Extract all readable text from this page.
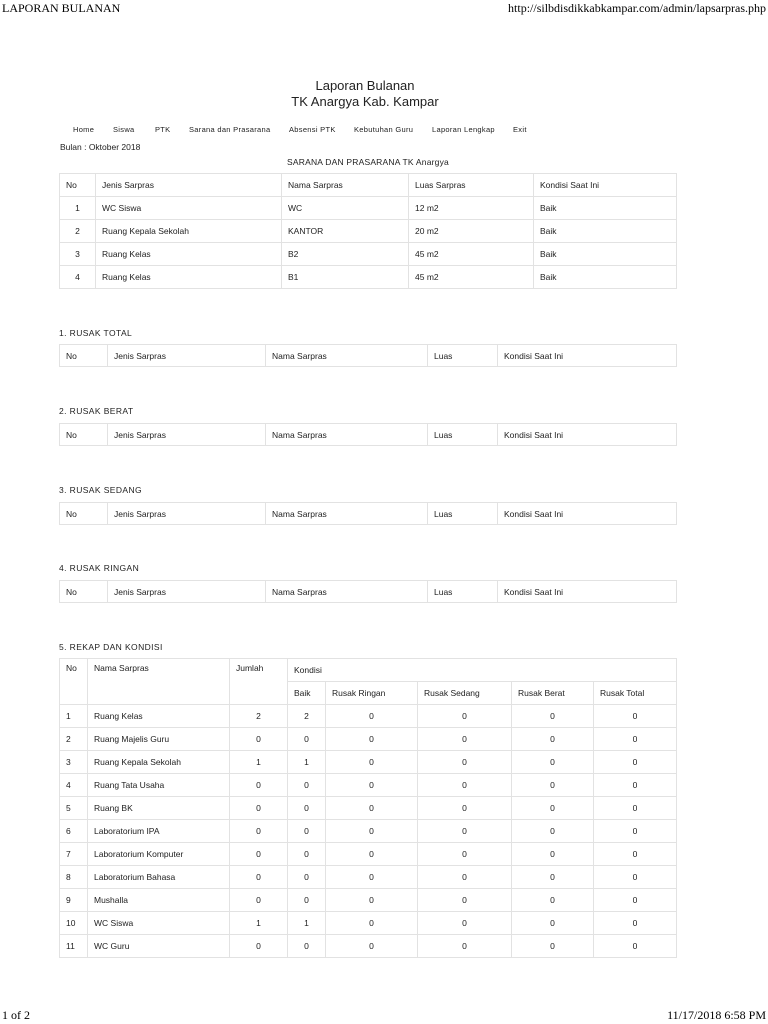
LAPORAN BULANAN	http://silbdisdikkabkampar.com/admin/lapsarpras.php
Laporan Bulanan
TK Anargya Kab. Kampar
Home	Siswa	PTK Sarana dan Prasarana Absensi PTK Kebutuhan Guru	Laporan Lengkap Exit
Bulan : Oktober 2018
SARANA DAN PRASARANA TK Anargya
No	Jenis Sarpras	Nama Sarpras	Luas Sarpras	Kondisi Saat Ini
1	WC Siswa	WC	12 m2	Baik
2	Ruang Kepala Sekolah	KANTOR	20 m2	Baik
3	Ruang Kelas	B2	45 m2	Baik
4	Ruang Kelas	B1	45 m2	Baik
1. RUSAK TOTAL
No	Jenis Sarpras	Nama Sarpras	Luas	Kondisi Saat Ini
2. RUSAK BERAT
No	Jenis Sarpras	Nama Sarpras	Luas	Kondisi Saat Ini
3. RUSAK SEDANG
No	Jenis Sarpras	Nama Sarpras	Luas	Kondisi Saat Ini
4. RUSAK RINGAN
No	Jenis Sarpras	Nama Sarpras	Luas	Kondisi Saat Ini
5. REKAP DAN KONDISI
No	Nama Sarpras	Jumlah	Kondisi				
			Baik	Rusak Ringan	Rusak Sedang	Rusak Berat	Rusak Total
1	Ruang Kelas	2	2	0	0	0	0
2	Ruang Majelis Guru	0	0	0	0	0	0
3	Ruang Kepala Sekolah	1	1	0	0	0	0
4	Ruang Tata Usaha	0	0	0	0	0	0
5	Ruang BK	0	0	0	0	0	0
6	Laboratorium IPA	0	0	0	0	0	0
7	Laboratorium Komputer	0	0	0	0	0	0
8	Laboratorium Bahasa	0	0	0	0	0	0
9	Mushalla	0	0	0	0	0	0
10	WC Siswa	1	1	0	0	0	0
11	WC Guru	0	0	0	0	0	0
1 of 2	11/17/2018 6:58 PM
